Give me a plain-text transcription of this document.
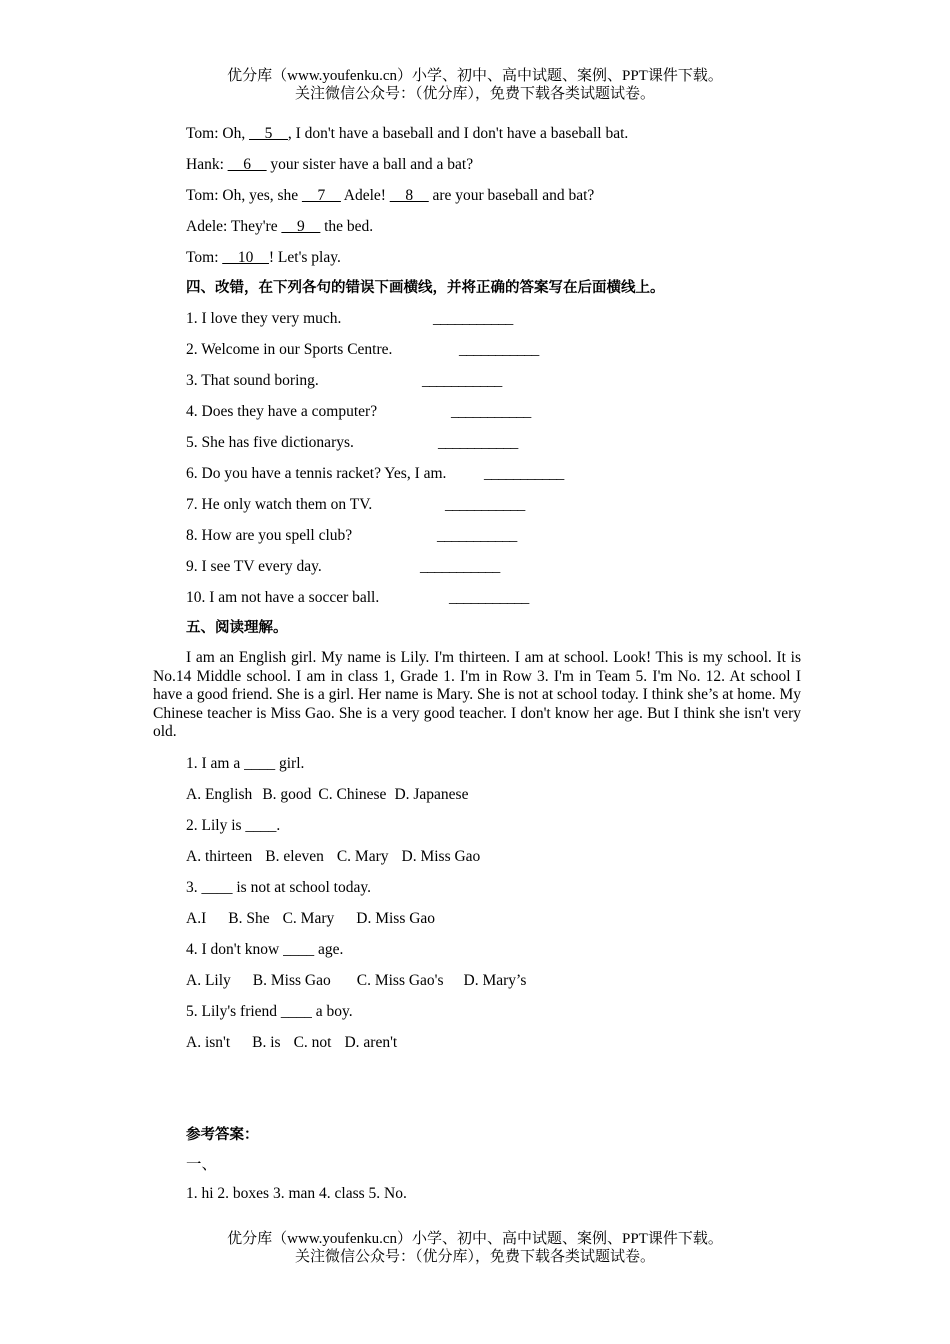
优分库（www.youfenku.cn）小学、初中、高中试题、案例、PPT课件下载。
关注微信公众号：（优分库），免费下载各类试题试卷。
Tom: Oh, __5__, I don't have a baseball and I don't have a baseball bat.
Hank: __6__ your sister have a ball and a bat?
Tom: Oh, yes, she __7__ Adele! __8__ are your baseball and bat?
Adele: They're __9__ the bed.
Tom: __10__! Let's play.
四、改错，在下列各句的错误下画横线，并将正确的答案写在后面横线上。
1. I love they very much.	___________
2. Welcome in our Sports Centre.	___________
3. That sound boring.	___________
4. Does they have a computer?	___________
5. She has five dictionarys.	___________
6. Do you have a tennis racket? Yes, I am. ___________
7. He only watch them on TV.	___________
8. How are you spell club?	___________
9. I see TV every day.	___________
10. I am not have a soccer ball.	___________
五、阅读理解。
I am an English girl. My name is Lily. I'm thirteen. I am at school. Look! This is my school. It is No.14 Middle school. I am in class 1, Grade 1. I'm in Row 3. I'm in Team 5. I'm No. 12. At school I have a good friend. She is a girl. Her name is Mary. She is not at school today. I think she’s at home. My Chinese teacher is Miss Gao. She is a very good teacher. I don't know her age. But I think she isn't very old.
1. I am a ____ girl.
A. English B. good C. Chinese D. Japanese
2. Lily is ____.
A. thirteen B. eleven C. Mary D. Miss Gao
3. ____ is not at school today.
A.I B. She C. Mary D. Miss Gao
4. I don't know ____ age.
A. Lily B. Miss Gao C. Miss Gao's D. Mary’s
5. Lily's friend ____ a boy.
A. isn't B. is C. not D. aren't
参考答案：
一、
1. hi 2. boxes 3. man 4. class 5. No.
优分库（www.youfenku.cn）小学、初中、高中试题、案例、PPT课件下载。
关注微信公众号：（优分库），免费下载各类试题试卷。
